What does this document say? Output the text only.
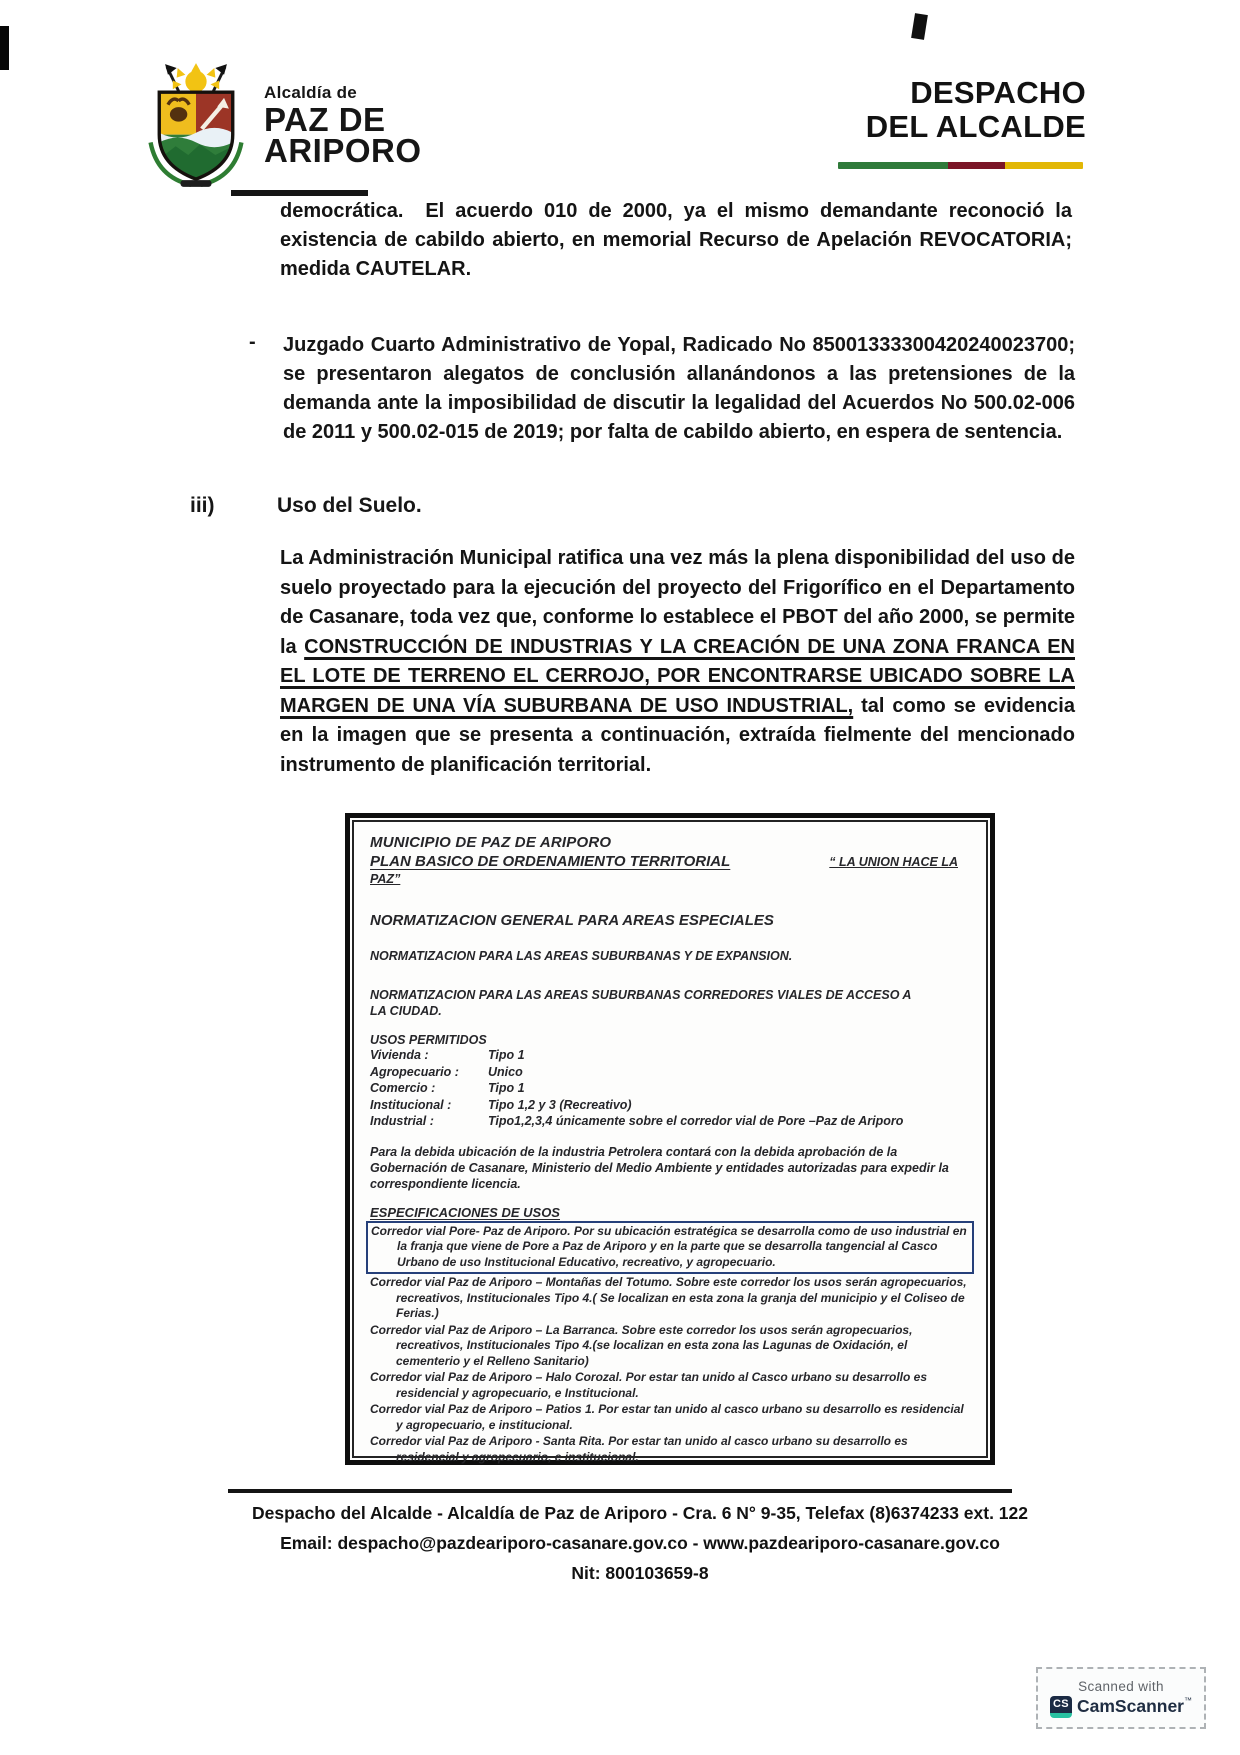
Alcaldía de
PAZ DE
ARIPORO
DESPACHO
DEL ALCALDE
democrática.  El acuerdo 010 de 2000, ya el mismo demandante reconoció la existencia de cabildo abierto, en memorial Recurso de Apelación REVOCATORIA; medida CAUTELAR.
-	Juzgado Cuarto Administrativo de Yopal, Radicado No 85001333300420240023700; se presentaron alegatos de conclusión allanándonos a las pretensiones de la demanda ante la imposibilidad de discutir la legalidad del Acuerdos No 500.02-006 de 2011 y 500.02-015 de 2019; por falta de cabildo abierto, en espera de sentencia.
iii)	Uso del Suelo.
La Administración Municipal ratifica una vez más la plena disponibilidad del uso de suelo proyectado para la ejecución del proyecto del Frigorífico en el Departamento de Casanare, toda vez que, conforme lo establece el PBOT del año 2000, se permite la CONSTRUCCIÓN DE INDUSTRIAS Y LA CREACIÓN DE UNA ZONA FRANCA EN EL LOTE DE TERRENO EL CERROJO, POR ENCONTRARSE UBICADO SOBRE LA MARGEN DE UNA VÍA SUBURBANA DE USO INDUSTRIAL, tal como se evidencia en la imagen que se presenta a continuación, extraída fielmente del mencionado instrumento de planificación territorial.
MUNICIPIO DE PAZ DE ARIPORO
PLAN BASICO DE ORDENAMIENTO TERRITORIAL	“ LA UNION HACE LA
PAZ”
NORMATIZACION GENERAL PARA AREAS ESPECIALES
NORMATIZACION PARA LAS AREAS SUBURBANAS Y DE EXPANSION.
NORMATIZACION PARA LAS AREAS SUBURBANAS CORREDORES VIALES DE ACCESO A LA CIUDAD.
USOS PERMITIDOS
Vivienda :	Tipo 1
Agropecuario :	Unico
Comercio :	Tipo 1
Institucional :	Tipo 1,2 y 3 (Recreativo)
Industrial :	Tipo1,2,3,4 únicamente sobre el corredor vial de Pore –Paz de Ariporo
Para la debida ubicación de la industria Petrolera contará con la debida aprobación de la Gobernación de Casanare, Ministerio del Medio Ambiente y entidades autorizadas para expedir la correspondiente licencia.
ESPECIFICACIONES DE USOS
Corredor vial Pore- Paz de Ariporo. Por su ubicación estratégica se desarrolla como de uso industrial en la franja que viene de Pore a Paz de Ariporo y en la parte que se desarrolla tangencial al Casco Urbano de uso Institucional Educativo, recreativo, y agropecuario.
Corredor vial Paz de Ariporo – Montañas del Totumo. Sobre este corredor los usos serán agropecuarios, recreativos, Institucionales Tipo 4.( Se localizan en esta zona la granja del municipio y el Coliseo de Ferias.)
Corredor vial Paz de Ariporo – La Barranca. Sobre este corredor los usos serán agropecuarios, recreativos, Institucionales Tipo 4.(se localizan en esta zona las Lagunas de Oxidación, el cementerio y el Relleno Sanitario)
Corredor vial Paz de Ariporo – Halo Corozal. Por estar tan unido al Casco urbano su desarrollo es residencial y agropecuario, e Institucional.
Corredor vial Paz de Ariporo – Patios 1. Por estar tan unido al casco urbano su desarrollo es residencial y agropecuario, e institucional.
Corredor vial Paz de Ariporo - Santa Rita. Por estar tan unido al casco urbano su desarrollo es residencial y agropecuario, e institucional.
Despacho del Alcalde - Alcaldía de Paz de Ariporo - Cra. 6 N° 9-35, Telefax (8)6374233 ext. 122
Email: despacho@pazdeariporo-casanare.gov.co - www.pazdeariporo-casanare.gov.co
Nit: 800103659-8
Scanned with
CS CamScanner™
